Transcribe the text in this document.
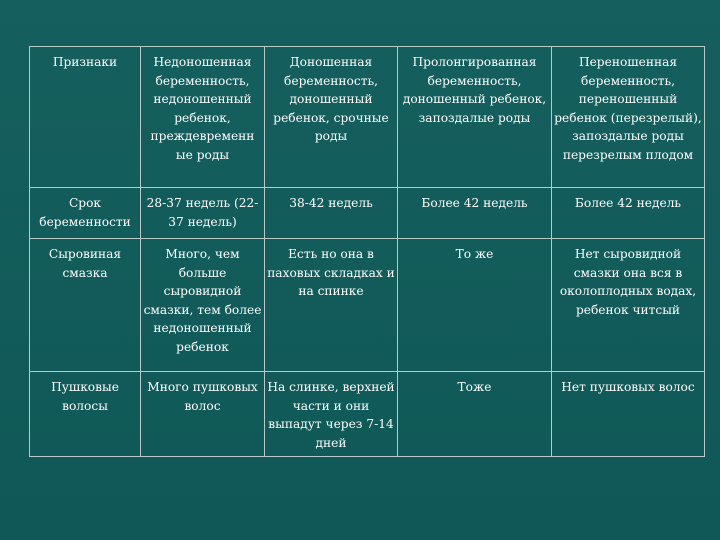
Признаки	Недоношенная беременность, недоношенный ребенок, преждевременн ые роды	Доношенная беременность, доношенный ребенок, срочные роды	Пролонгированная беременность, доношенный ребенок, запоздалые роды	Переношенная беременность, переношенный ребенок (перезрелый), запоздалые роды перезрелым плодом
Срок беременности	28-37 недель (22-37 недель)	38-42 недель	Более 42 недель	Более 42 недель
Сыровиная смазка	Много, чем больше сыровидной смазки, тем более недоношенный ребенок	Есть но она в паховых складках и на спинке	То же	Нет сыровидной смазки она вся в околоплодных водах, ребенок читсый
Пушковые волосы	Много пушковых волос	На слинке, верхней части и они выпадут через 7-14 дней	Тоже	Нет пушковых волос
